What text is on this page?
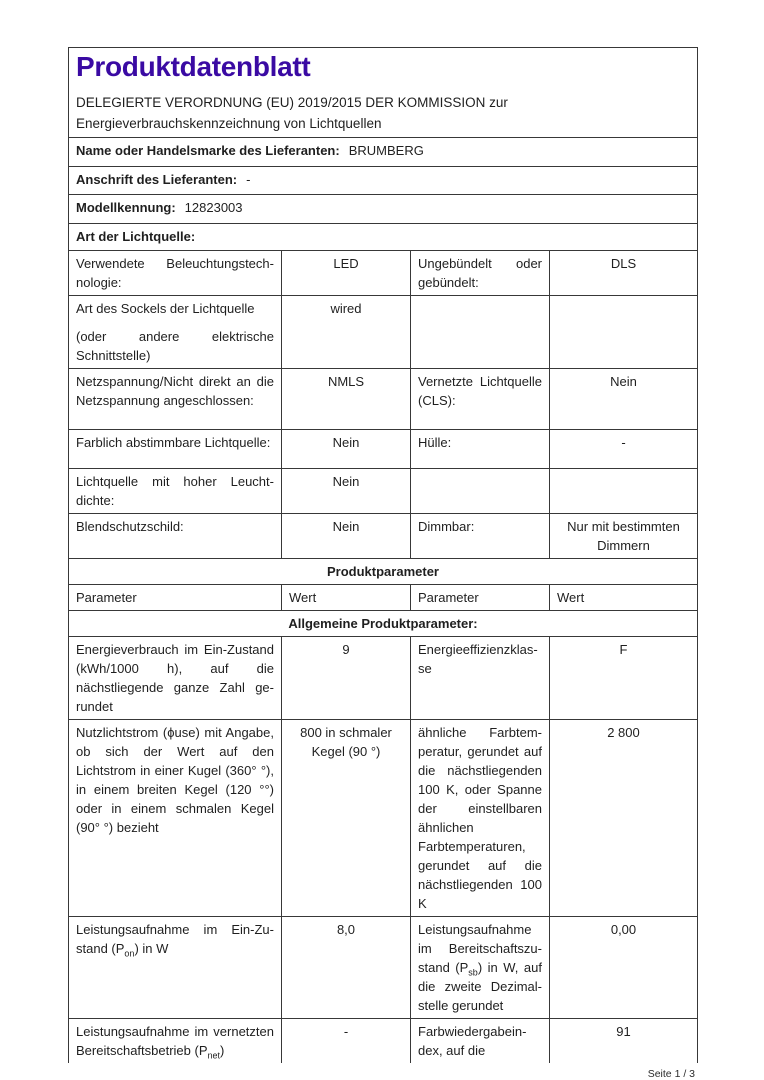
Produktdatenblatt
DELEGIERTE VERORDNUNG (EU) 2019/2015 DER KOMMISSION zur Energieverbrauchskennzeichnung von Lichtquellen

Name oder Handelsmarke des Lieferanten: BRUMBERG			
Anschrift des Lieferanten: -			
Modellkennung: 12823003			
Art der Lichtquelle:			
Verwendete Beleuchtungstechnologie:	LED	Ungebündelt oder gebündelt:	DLS

Art des Sockels der Lichtquelle
(oder andere elektrische Schnittstelle)	wired		
Netzspannung/Nicht direkt an die Netzspannung angeschlossen:	NMLS	Vernetzte Lichtquelle (CLS):	Nein
Farblich abstimmbare Lichtquelle:	Nein	Hülle:	-
Lichtquelle mit hoher Leuchtdichte:	Nein		
Blendschutzschild:	Nein	Dimmbar:	Nur mit bestimmten Dimmern
Produktparameter			
Parameter	Wert	Parameter	Wert
Allgemeine Produktparameter:			
Energieverbrauch im Ein-Zustand (kWh/1000 h), auf die nächstliegende ganze Zahl gerundet	9	Energieeffizienzklasse	F
Nutzlichtstrom (ϕuse) mit Angabe, ob sich der Wert auf den Lichtstrom in einer Kugel (360° °), in einem breiten Kegel (120 °°) oder in einem schmalen Kegel (90° °) bezieht	800 in schmaler Kegel (90 °)	ähnliche Farbtemperatur, gerundet auf die nächstliegenden 100 K, oder Spanne der einstellbaren ähnlichen Farbtemperaturen, gerundet auf die nächstliegenden 100 K	2 800
Leistungsaufnahme im Ein-Zustand $(P_{on})$ in W	8,0	Leistungsaufnahme im Bereitschaftszustand $(P_{sb})$ in W, auf die zweite Dezimalstelle gerundet	0,00
Leistungsaufnahme im vernetzten Bereitschaftsbetrieb $(P_{net})$	-	Farbwiedergabeindex, auf die	91
Seite 1 / 3
